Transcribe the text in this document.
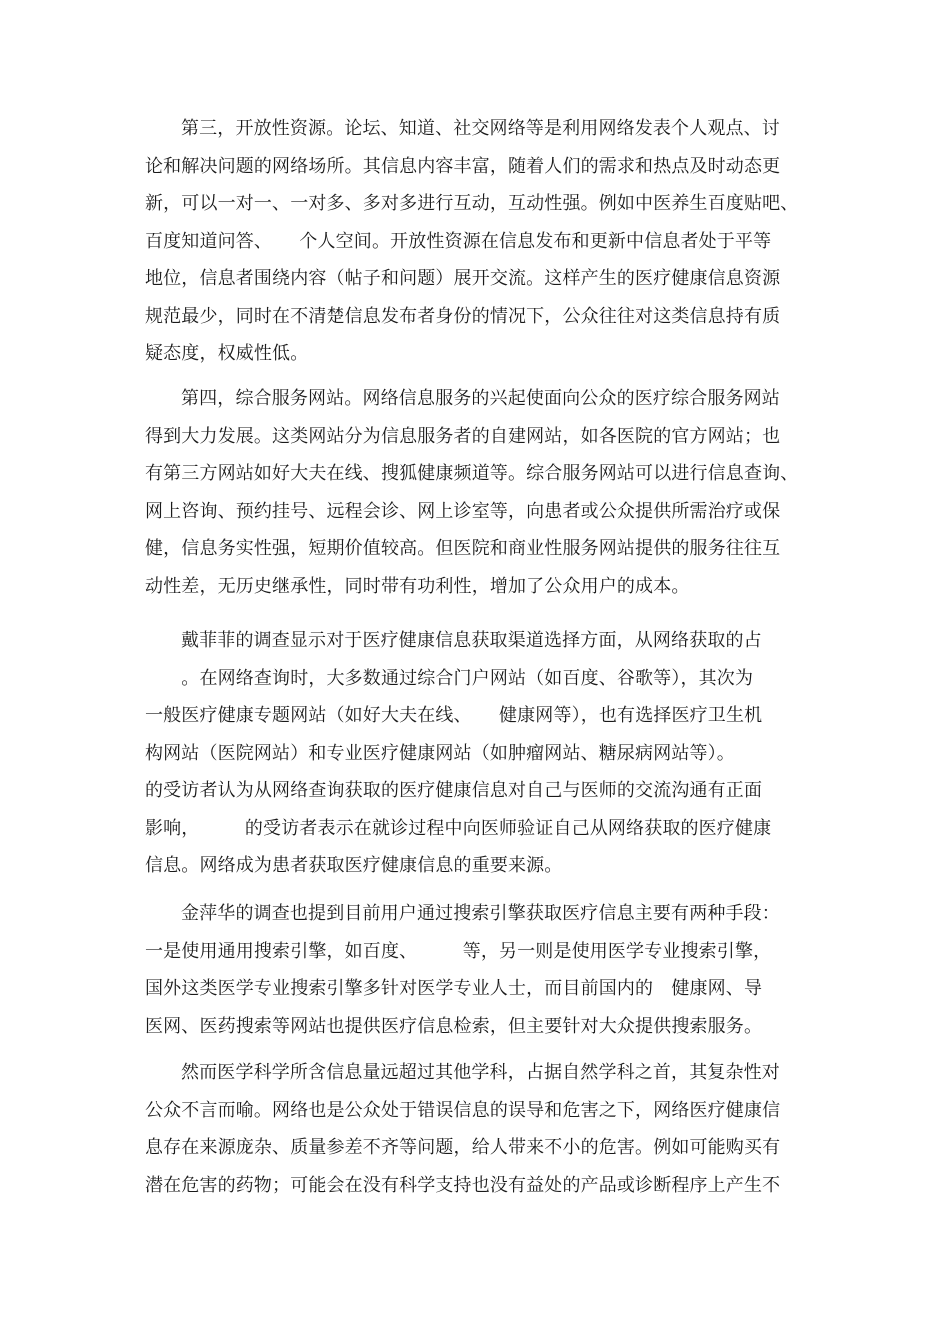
第三，开放性资源。论坛、知道、社交网络等是利用网络发表个人观点、讨
论和解决问题的网络场所。其信息内容丰富，随着人们的需求和热点及时动态更
新，可以一对一、一对多、多对多进行互动，互动性强。例如中医养生百度贴吧、
百度知道问答、　　个人空间。开放性资源在信息发布和更新中信息者处于平等
地位，信息者围绕内容（帖子和问题）展开交流。这样产生的医疗健康信息资源
规范最少，同时在不清楚信息发布者身份的情况下，公众往往对这类信息持有质
疑态度，权威性低。
第四，综合服务网站。网络信息服务的兴起使面向公众的医疗综合服务网站
得到大力发展。这类网站分为信息服务者的自建网站，如各医院的官方网站；也
有第三方网站如好大夫在线、搜狐健康频道等。综合服务网站可以进行信息查询、
网上咨询、预约挂号、远程会诊、网上诊室等，向患者或公众提供所需治疗或保
健，信息务实性强，短期价值较高。但医院和商业性服务网站提供的服务往往互
动性差，无历史继承性，同时带有功利性，增加了公众用户的成本。
戴菲菲的调查显示对于医疗健康信息获取渠道选择方面，从网络获取的占
　　。在网络查询时，大多数通过综合门户网站（如百度、谷歌等），其次为
一般医疗健康专题网站（如好大夫在线、　　健康网等），也有选择医疗卫生机
构网站（医院网站）和专业医疗健康网站（如肿瘤网站、糖尿病网站等）。
的受访者认为从网络查询获取的医疗健康信息对自己与医师的交流沟通有正面
影响，　　　的受访者表示在就诊过程中向医师验证自己从网络获取的医疗健康
信息。网络成为患者获取医疗健康信息的重要来源。
金萍华的调查也提到目前用户通过搜索引擎获取医疗信息主要有两种手段：
一是使用通用搜索引擎，如百度、　　　等，另一则是使用医学专业搜索引擎，
国外这类医学专业搜索引擎多针对医学专业人士，而目前国内的　健康网、导
医网、医药搜索等网站也提供医疗信息检索，但主要针对大众提供搜索服务。
然而医学科学所含信息量远超过其他学科，占据自然学科之首，其复杂性对
公众不言而喻。网络也是公众处于错误信息的误导和危害之下，网络医疗健康信
息存在来源庞杂、质量参差不齐等问题，给人带来不小的危害。例如可能购买有
潜在危害的药物；可能会在没有科学支持也没有益处的产品或诊断程序上产生不
